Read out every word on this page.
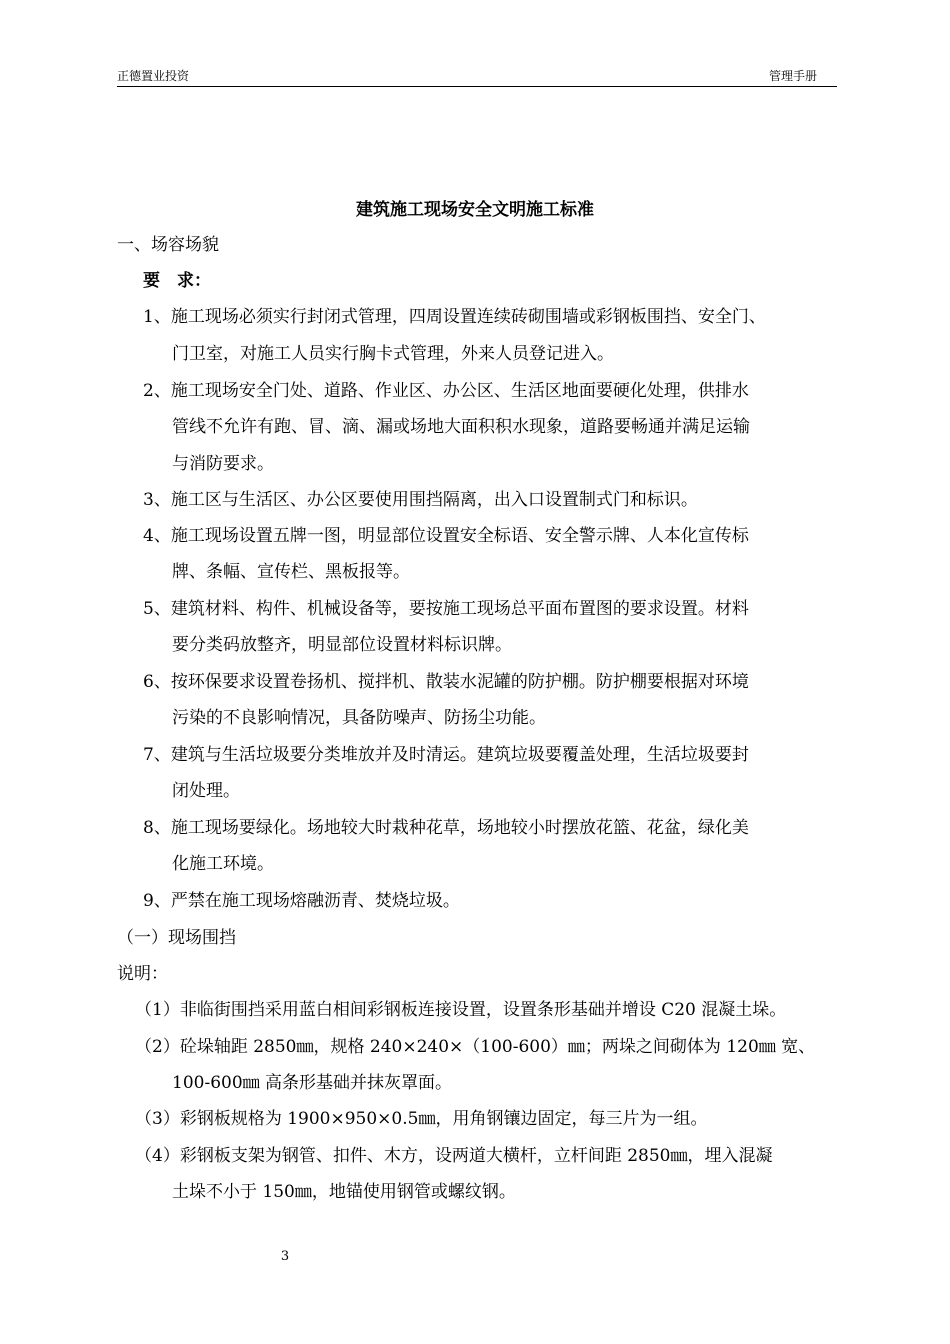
正德置业投资	管理手册
建筑施工现场安全文明施工标准
一、场容场貌
要　求：
1、施工现场必须实行封闭式管理，四周设置连续砖砌围墙或彩钢板围挡、安全门、
门卫室，对施工人员实行胸卡式管理，外来人员登记进入。
2、施工现场安全门处、道路、作业区、办公区、生活区地面要硬化处理，供排水
管线不允许有跑、冒、滴、漏或场地大面积积水现象，道路要畅通并满足运输
与消防要求。
3、施工区与生活区、办公区要使用围挡隔离，出入口设置制式门和标识。
4、施工现场设置五牌一图，明显部位设置安全标语、安全警示牌、人本化宣传标
牌、条幅、宣传栏、黑板报等。
5、建筑材料、构件、机械设备等，要按施工现场总平面布置图的要求设置。材料
要分类码放整齐，明显部位设置材料标识牌。
6、按环保要求设置卷扬机、搅拌机、散装水泥罐的防护棚。防护棚要根据对环境
污染的不良影响情况，具备防噪声、防扬尘功能。
7、建筑与生活垃圾要分类堆放并及时清运。建筑垃圾要覆盖处理，生活垃圾要封
闭处理。
8、施工现场要绿化。场地较大时栽种花草，场地较小时摆放花篮、花盆，绿化美
化施工环境。
9、严禁在施工现场熔融沥青、焚烧垃圾。
（一）现场围挡
说明：
（1）非临街围挡采用蓝白相间彩钢板连接设置，设置条形基础并增设 C20 混凝土垛。
（2）砼垛轴距 2850㎜，规格 240×240×（100-600）㎜；两垛之间砌体为 120㎜ 宽、
100-600㎜ 高条形基础并抹灰罩面。
（3）彩钢板规格为 1900×950×0.5㎜，用角钢镶边固定，每三片为一组。
（4）彩钢板支架为钢管、扣件、木方，设两道大横杆，立杆间距 2850㎜，埋入混凝
土垛不小于 150㎜，地锚使用钢管或螺纹钢。
3
